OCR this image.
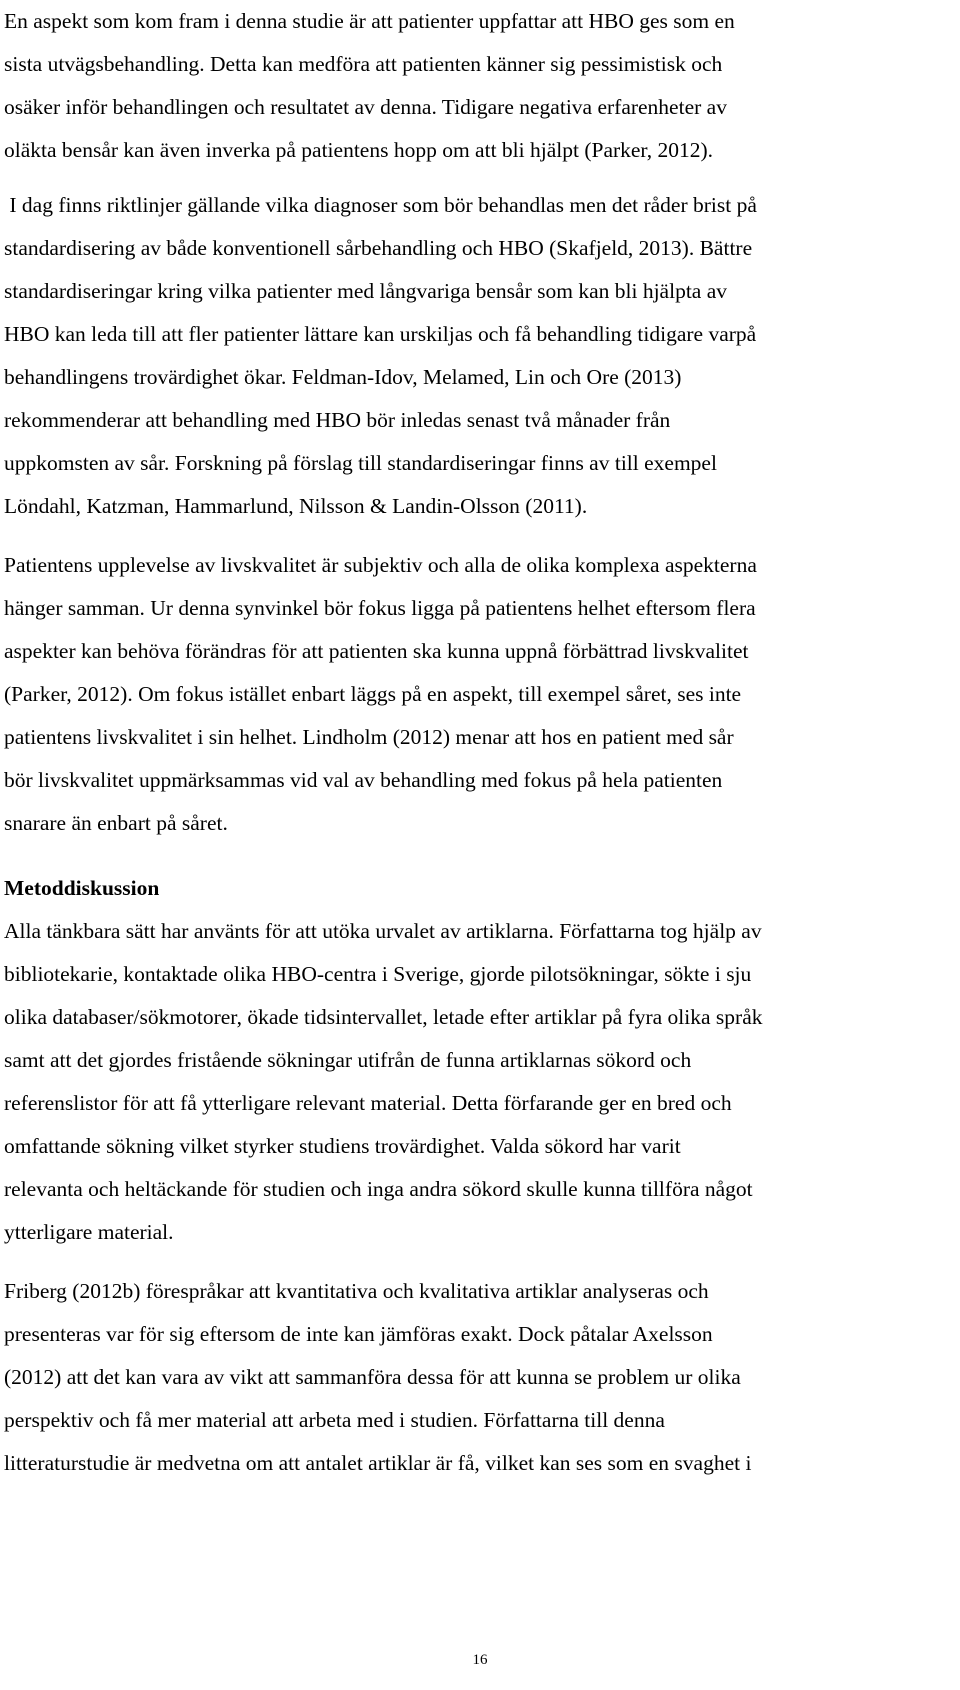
En aspekt som kom fram i denna studie är att patienter uppfattar att HBO ges som en
sista utvägsbehandling. Detta kan medföra att patienten känner sig pessimistisk och
osäker inför behandlingen och resultatet av denna. Tidigare negativa erfarenheter av
oläkta bensår kan även inverka på patientens hopp om att bli hjälpt (Parker, 2012).
I dag finns riktlinjer gällande vilka diagnoser som bör behandlas men det råder brist på
standardisering av både konventionell sårbehandling och HBO (Skafjeld, 2013). Bättre
standardiseringar kring vilka patienter med långvariga bensår som kan bli hjälpta av
HBO kan leda till att fler patienter lättare kan urskiljas och få behandling tidigare varpå
behandlingens trovärdighet ökar. Feldman-Idov, Melamed, Lin och Ore (2013)
rekommenderar att behandling med HBO bör inledas senast två månader från
uppkomsten av sår. Forskning på förslag till standardiseringar finns av till exempel
Löndahl, Katzman, Hammarlund, Nilsson & Landin-Olsson (2011).
Patientens upplevelse av livskvalitet är subjektiv och alla de olika komplexa aspekterna
hänger samman. Ur denna synvinkel bör fokus ligga på patientens helhet eftersom flera
aspekter kan behöva förändras för att patienten ska kunna uppnå förbättrad livskvalitet
(Parker, 2012). Om fokus istället enbart läggs på en aspekt, till exempel såret, ses inte
patientens livskvalitet i sin helhet. Lindholm (2012) menar att hos en patient med sår
bör livskvalitet uppmärksammas vid val av behandling med fokus på hela patienten
snarare än enbart på såret.
Metoddiskussion
Alla tänkbara sätt har använts för att utöka urvalet av artiklarna. Författarna tog hjälp av
bibliotekarie, kontaktade olika HBO-centra i Sverige, gjorde pilotsökningar, sökte i sju
olika databaser/sökmotorer, ökade tidsintervallet, letade efter artiklar på fyra olika språk
samt att det gjordes fristående sökningar utifrån de funna artiklarnas sökord och
referenslistor för att få ytterligare relevant material. Detta förfarande ger en bred och
omfattande sökning vilket styrker studiens trovärdighet. Valda sökord har varit
relevanta och heltäckande för studien och inga andra sökord skulle kunna tillföra något
ytterligare material.
Friberg (2012b) förespråkar att kvantitativa och kvalitativa artiklar analyseras och
presenteras var för sig eftersom de inte kan jämföras exakt. Dock påtalar Axelsson
(2012) att det kan vara av vikt att sammanföra dessa för att kunna se problem ur olika
perspektiv och få mer material att arbeta med i studien. Författarna till denna
litteraturstudie är medvetna om att antalet artiklar är få, vilket kan ses som en svaghet i
16
